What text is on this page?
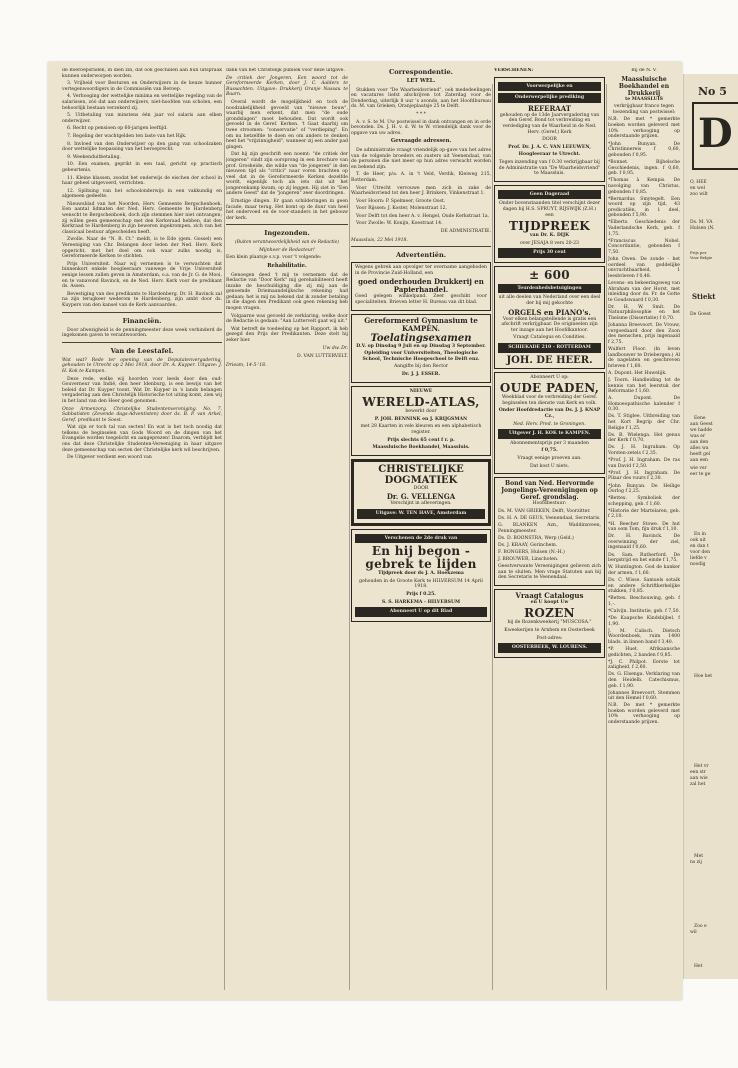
de Boeroepsraden, in dien zin, dat ook geschillen aan hun uitspraak kunnen onderworpen worden.

3. Vrijheid voor Besturen en Onderwijzers in de keuze hunner vertegenwoordigers in de Commissiën van Beroep.

4. Verhooging der wettelijke minima en wettelijke regeling van de salarissen, zóó dat aan onderwijzers, niet-hoofden van scholen, een behoorlijk bestaan verzekerd zij.

5. Uitbetaling van minstens één jaar vol salaris aan elken onderwijzer.

6. Recht op pensioen op 60-jarigen leeftijd.

7. Regeling der wachtgelden ten laste van het Rijk.

8. Invloed van den Onderwijzer op den gang van schoolzaken door wettelijke toepassing van het beroeprecht.

9. Weekenduitbetaling.

10. Een examen, geprikt in een taal, gericht op practisch gebeurtenis.

11. Kleine klassen, zoodat het onderwijs de eischen der school in haar geheel uitgevoerd, verrichten.

12. Splitsing van het schoolonderwijs in een vakkundig en algemeen gedeelte.

Nieuwsblad van het Noorden, Herv. Gemeente Bergschenhoek. Een aantal lidmaten der Ned. Herv. Gemeente te Hardenberg wenscht te Bergschenhoek, doch zijn stemmen hier niet ontvangen; zij willen geen gemeenschap met den Kerkeraad hebben, dat den Kerkraad te Hardenberg in zijn beweren ingekrompen, zich van het classicaal bestuur afgescheiden heeft.

Zwolle. Naar de "N. R. Ct." meldt, is te Ede (gem. Gossel) een Vereeniging van Chr. Belangen door leden der Ned. Herv. Kerk opgericht, met het doel om ook waar zulks noodig is, Gereformeerde Kerken te stichten.

Prijs Universiteit. Naar wij vernemen is te verwachten dat binnenkort enkele hoogleeraars vanwege de Vrije Universiteit eenige lessen zullen geven in Amsterdam, o.a. van de Jr. G. de Mooi, en te vanavond Bavinck, en de Ned. Herv. Kerk voor de predikant ds. Assen.

Bevestiging van des predikants te Hardenberg. Dr. H. Bavinck zal na zijn terugkeer wederom te Hardenberg, zijn ambt door ds. Kuypers van den kansel van de Kerk aanvaarden.

Financiën.

Door afwezigheid is de penningmeester deze week verhinderd de ingekomen gaven te verantwoorden.

Van de Leestafel.

Wat wat? Rede ter opening van de Deputatenvergadering, gehouden te Utrecht op 2 Mei 1918, door Dr. A. Kuyper. Uitgave: J. H. Kok te Kampen.

Deze rede, welke wij hoorden voor leeds door den oud-Gouverneur van Indië, den heer Idenburg, is een bewijs van het beleid dat Dr. Kuyper toont. Wat Dr. Kuyper in 's lands belangen vergadering aan den Christelijk Historische tot uiting komt, zien wij in het land van den Heer goed genomen.

Onze Armenzorg. Christelijke Studentenvereniging. No. 7. Sabbatisten (Zevende dags-Adventisten) door ds. B. P. van Arkel, Geref. predikant te Soest.

Wat zijn er toch tal van secten! En wat is het toch noodig dat telkens de beginselen van Gods Woord en de dingen van het Evangelie worden toegelicht en aangeprezen! Daarom, verblijdt het ons dat deze Christelijke Studenten-Vereeniging in haar uitgave deze gemeenschap van secten der Christelijke kerk wil beschrijven.

De Uitgever verdient een woord van

dank van het Christelijk publiek voor deze uitgave.

De critiek der Jongeren. Een woord tot de Gereformeerde Kerken, door J. C. Aalders te Bussachten. Uitgave: Drukkerij Oranje Nassau te Baarn.

Overal wordt de mogelijkheid en toch de noodzakelijkheid gevoeld van "nieuwe bouw", waarbij men erkent, dat men "de oude grondslagen" moet behouden. Dat wordt ook gevoeld in de Geref. Kerken. 't Gaat daarbij om twee stroomen: "conservatie" of "verdieping". En om nu hetzelfde te doen en om anders te denken heet het "vrijzinnigheid", wanneer zij een ander pad gingen.

Dat hij zijn geschrift een noemt: "de critiek der jongeren" vindt zijn oorsprong in een brochure van prof. Grosheide, die wilde van "de jongeren" in den nieuwen tijd als "critici" naar voren brachten op veel dat in de Gereformeerde Kerken dezelfde wordt, eigenlijk toch als iets dat uit het jongerenkamp kwam, op zij leggen. Hij ziet in "Een andere Geest" dat de "jongeren" zeer doordringen.

Ernstige dingen. Er gaan schilderingen in geen facade, maar terug. Het komt op de duur van heel het ondervoed en de voor-standers in het gebouw der kerk.

Ingezonden.

(Buiten verantwoordelijkheid van de Redactie)

Mijnheer de Redacteur!

Een klein plaatsje s.v.p. voor 't volgende:

Rehabilitatie.

Genoegen deed 't mij te vernemen dat de Redactie van "Door Kerk" mij gerehabiliteerd heeft inzake de beschuldiging die zij mij aan de genoemde Driemaandelijksche rekening had gedaan; het is mij nu bekend dat ik zonder betaling in die dagen den Predikant ook geen rekening heb mogen vragen.

Volgaarne was gevoeld de verklaring, welke door de Redactie is gedaan: "Aan Luttervelt gaat wij uit."

Wat betreft de toedeeling op het Rapport, ik heb gezegd den Prijs der Predikanten. Deze stelt hij zeker hier.

Uw dw. Dr.

D. VAN LUTTERVELT.

Drieam, 14-5-'18.

Correspondentie.
LET WEL.

Stukken voor "De Waarheidsvriend", ook mededeelingen en vacatures liefst afschrijven tot Zaterdag voor de Donderdag, uiterlijk 8 uur 's avonds, aan het Hoofdbureau ds. M. van Grieken, Oranjeplaatsje 25 te Delft.

* * *

A. v. S. te M. Uw postwissel in dank ontvangen en in orde bevonden. Ds. J. H. v. d. W. te W. vriendelijk dank voor de opgave van uw adres.

Gevraagde adressen.

De administratie vraagt vriendelijk op-gave van het adres van de volgende broeders en zusters uit Veenendaal, van de personen die niet meer op hun adres verwacht worden en bekend zijn.

T. de Heer, p/a. A. in 't Veld, Verdik, Kleiweg 215, Rotterdam.

Voor Utrecht vervouwe men zich in zake de Waarheidsvriend tot den heer J. Brinkers, Vinkenstraat 1.

Voor Hoorn: P. Spelmeer, Groote Oost.

Voor Rijssen: J. Koster, Molenstraat 12.

Voor Delft tot den heer A. v. Hengel, Oude Kerkstraat 1a.

Voor Zwolle: W. Konijn, Koestraat 14.

DE ADMINISTRATIE.

Maassluis, 22 Mei 1918.

Advertentiën.

Wegens gebrek aan opvolger ter overname aangeboden in de Provincie Zuid-Holland, een

goed onderhouden Drukkerij en Papierhandel.

Goed gelegen winkelpand. Zeer geschikt voor specialiteiten. Brieven letter H. Bureau van dit blad.

Gereformeerd Gymnasium te KAMPEN.
Toelatingsexamen

D.V. op Dinsdag 9 Juli en op Dinsdag 3 September.

Opleiding voor Universiteiten, Theologische School, Technische Hoogeschool te Delft enz.

Aangifte bij den Rector

Dr. J. J. ESSER.

NIEUWE

WERELD-ATLAS,

bewerkt door

P. JOH. BENNINK en J. KRIJGSMAN

met 28 Kaarten in vele kleuren en een alphabetisch register.

Prijs slechts 65 cent f r. p.

Maassluische Boekhandel, Maassluis.

CHRISTELIJKE
DOGMATIEK

DOOR

Dr. G. VELLENGA

Verschijnt in afleveringen.

Uitgave: W. TEN HAVE, Amsterdam
Verschenen de 2de druk van
En hij begon -
gebrek te lijden

Tijdpreek door ds J. A. Hoekzema

gehouden in de Groote Kerk te HILVERSUM 14 April 1918.

Prijs f 0.25.

S. S. HARKEMA - HILVERSUM

Abonneert U op dit Blad

VERSCHENEN:

Voorwerpelijke en
Onderwerpelijke prediking
REFERAAT

gehouden op de 13de Jaarvergadering van den Geref. Bond tot verbreiding en verdediging van de Waarheid in de Ned. Herv. (Geref.) Kerk

DOOR

Prof. Dr. J. A. C. VAN LEEUWEN,

Hoogleeraar te Utrecht.

Tegen inzending van f 0.30 verkrijgbaar bij de Administratie van "De Waarheidsvriend" te Maassluis.

Geen Dageraad

Onder bovenstaanden titel verschijnt dezer dagen bij H.S. SPRUYT, RIJSWIJK (Z.H.) een

TIJDPREEK

van Dr. K. DIJK

over JESAJA 8 vers 20-23

Prijs 30 cent
± 600
Teurdenhedsbetuigingen

uit alle deelen van Nederland over een deel der bij mij gekochte

ORGELS en PIANO's.

Voor elken belangstellende is gratis een afschrift verkrijgbaar. De origineelen zijn ter inzage aan het Hoofdkantoor.

Vraagt Catalogus en Condities.

SCHIEKADE 210 - ROTTERDAM
JOH. DE HEER.

Abonneert U op:

OUDE PADEN,

Weekblad voor de verbreiding der Geref. beginselen ten dienste van Kerk en volk.

Onder Hoofdredactie van Ds. J. J. KNAP Cz.,

Ned. Herv. Pred. te Groningen.

Uitgever J. H. KOK te KAMPEN.

Abonnementsprijs per 3 maanden

f 0,75.

Vraagt eenige proeven aan.

Dat kost U niets.

Bond van Ned. Hervormde Jongelings-Vereenigingen op Geref. grondslag.

Hoofdbestuur:

Ds. M. VAN GRIEKEN, Delft, Voorzitter.

Ds. H. A. DE GEUS, Veenendaal, Secretaris.

G. BLANKEN Azn., Waddinxveen, Penningmeester.

Ds. D. BOONSTRA, Werp (Geld.)

Ds. J. KRAAY, Gorinchem.

F. BONGERS, Hulsen (N.-H.)

J. BROUWER, Linschoten.

Geestverwante Vereenigingen gelieven zich aan te sluiten. Men vrage Statuten aan bij den Secretaris te Veenendaal.

Vraagt Catalogus

en U koopt Uw

ROZEN

bij de Rozenkweekerij "MUSCOSA."

Kweekerijen te Arnhem en Oosterbeek

Post-adres:

OOSTERBEEK, W. LOURENS.

Bij de N. V.

Maassluische Boekhandel en Drukkerij

te MAASSLUIS

verkrijgbaar franco tegen toezending van postwissel:

N.B. De met * gemerkte boeken worden geleverd met 10% verhooging op onderstaande prijzen.

*John Bunyan. De Christinnereis f 0,60, gebonden f 0,95.

*Bonnet. Bijbelsche Geschiedenis, ingen. f 0,60, geb. f 0,95.

*Thomas à Kempis. De navolging van Christus, gebonden f 0,85.

*Bernardus Smytegelt. Een woord op zijn tijd, 43 predicatiën, in 1 deel, gebonden f 5,90.

*Elberts. Geschiedenis der Vaderlandsche Kerk, geb. f 1,75.

*Franciscus Nobel. Concordantie, gebonden f 7,50.

John Owen. De zonde - het oordeel van goddelijke onvruchtbaarheid, 1 leesbrieven f 0,48.

Levens- en bekeeringsweg van Abraham van der Horst, met inleiding door ds. Fr. de Gotte te Goudswaard f 0,30.

Dr. H. W. Smit. De Natuurphilosophie en het Theïsme (Dissertatie) f 0,70.

Johanna Breevoort. De Vrouw, vergoedaard door den Zoon des menschen, prijs ingenaaid f 2,75.

Wulfert Floor. (In leven landbouwer te Driebergen.) Al de nagelaten en geschreven brieven f 1,60.

A. Dupont. Het Huwelijk.

J. Toorn. Handleiding tot de kennis van het leerstuk der Reformatie f 1,60.

A. Dupont. De Homoeopathische kalender f 0,30.

Ds. T. Stiglee. Uitbreiding van het Kort Begrip der Chr. Religie f 1,25.

Ds. B. Wielenga. Het genus der Kerk f 0,70.

Ds. J. H. Ingraham. Op Vorsten-zetels f 2,35.

*Prof. J. H. Ingraham. De ras van David f 2,50.

*Prof. J. H. Ingraham. De Pilaar des vuurs f 2,30.

*John Bunyan. De Heilige Oorlog f 2,25.

*Bettex. Symboliek der schepping, geb. f 1,60.

*Historie der Martelaren, geb. f 2,10.

*H. Beecher Stowe. De hut van oom Tom, fijn druk f 1,10.

Dr. H. Bavinck. De overwinning der ziel, ingenaaid f 0,60.

Ds. Sam. Rutherford. De bergstrijd en het einde f 1,75.

W. Huntington. God de kanker der armen, f 1,60.

Ds. C. Wisse. Samuels sotaik en andere Schriftkerkelijke stukken, f 0,85.

*Bettex. Beschouwing, geb. f 1,-.

*Calvijn. Institutie, geb. f 7,50.

*De Kaapsche Kindsbijbel, f 1,90.

J. M. Calisch. Dietsch Woordenboek, ruim 1400 blads. in linnen band f 3,40.

*P. Huet. Afrikaansche gedichten, 2 banden f 0,85.

*J. C. Philpot. Eerste tot zaligheid, f 2,60.

Ds. G. Elsenga. Verklaring van den Heidelb. Catechismus, geb. f 1,90.

Johannes Breevoort. Stemmen uit den Hemel f 0,60.

N.B. De met * gemerkte boeken worden geleverd met 10% verhooging op onderstaande prijzen.

No 5
D
O, HEE
en wel
zoo wilt
Ds. M. VA
Hulsen (N.
Prijs per
Voor Belgie
Stiekt
De Goest
Eene
aan Geest
we hadde
was er
aan den
alles wa
heeft gel
aan een
wie ver
eer te ge
En in
ook uit
en dan t
voor den
liefde v
noodig
Hoe het
Het vr
een str
aan wie
zal het
Met
ns zij
Zoo e
wil
Het
